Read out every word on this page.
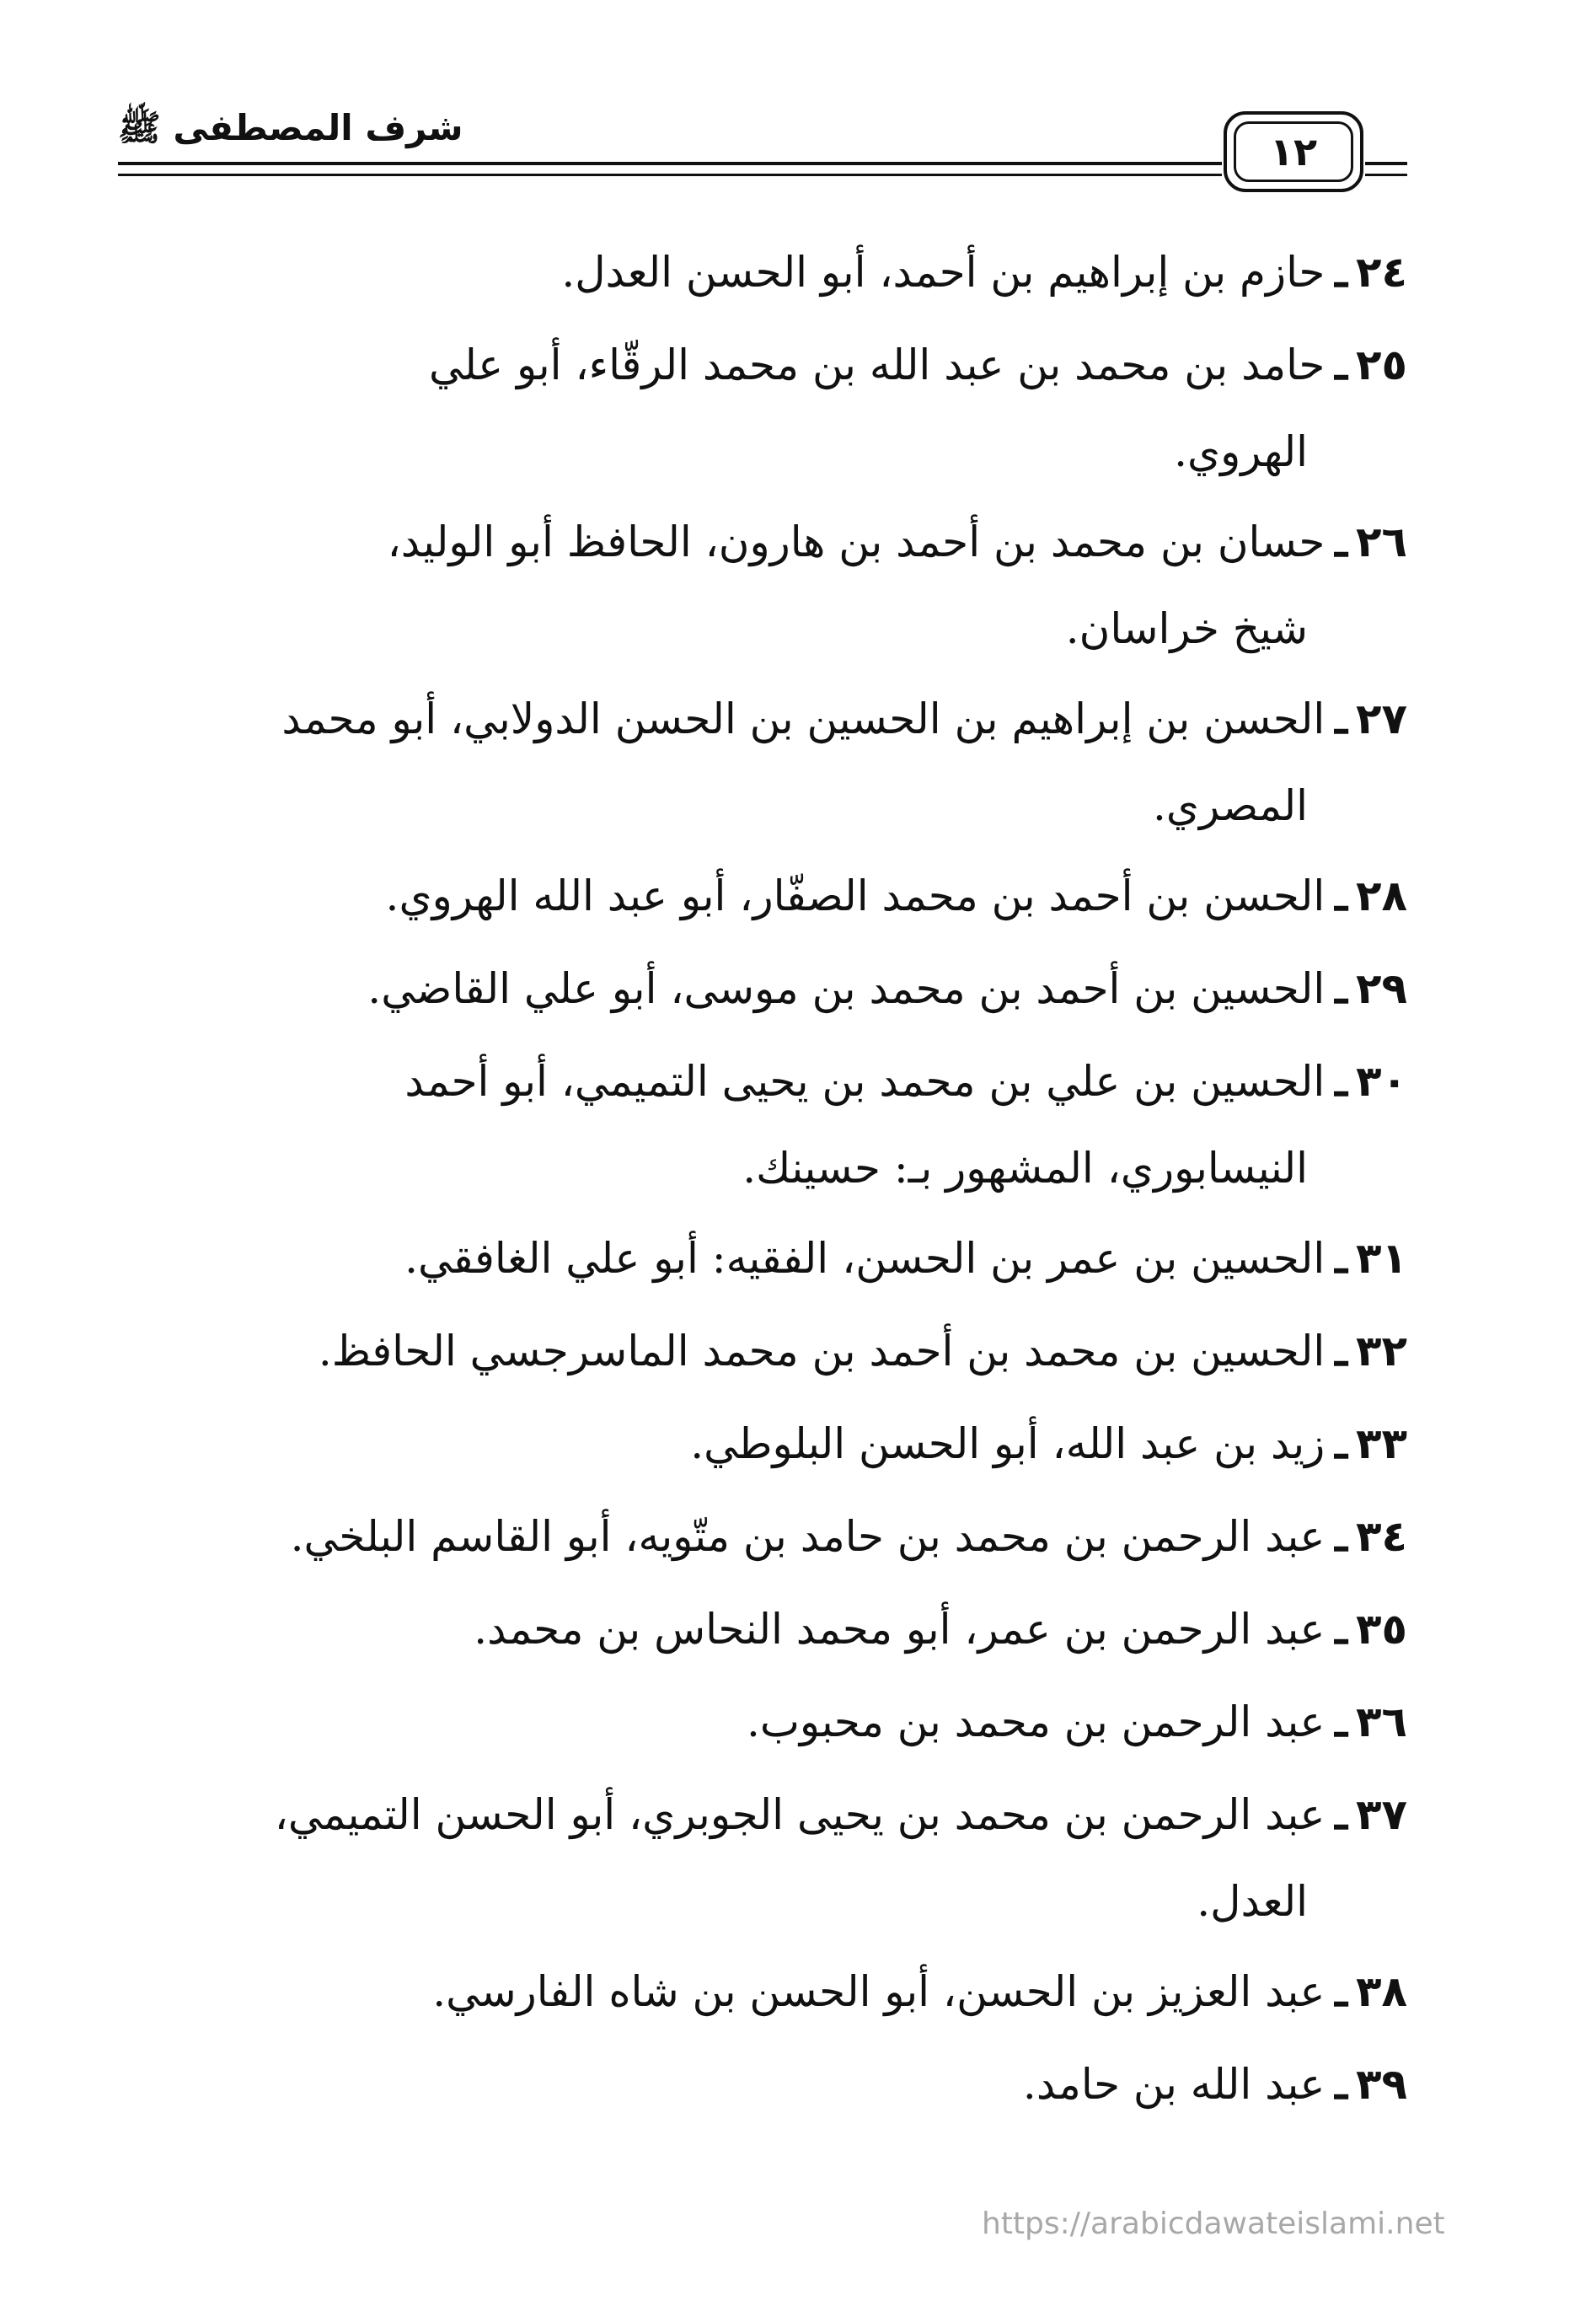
شرف المصطفى ﷺ
١٢
٢٤ـحازم بن إبراهيم بن أحمد، أبو الحسن العدل.
٢٥ـحامد بن محمد بن عبد الله بن محمد الرقّاء، أبو علي
الهروي.
٢٦ـحسان بن محمد بن أحمد بن هارون، الحافظ أبو الوليد،
شيخ خراسان.
٢٧ـالحسن بن إبراهيم بن الحسين بن الحسن الدولابي، أبو محمد
المصري.
٢٨ـالحسن بن أحمد بن محمد الصفّار، أبو عبد الله الهروي.
٢٩ـالحسين بن أحمد بن محمد بن موسى، أبو علي القاضي.
٣٠ـالحسين بن علي بن محمد بن يحيى التميمي، أبو أحمد
النيسابوري، المشهور بـ: حسينك.
٣١ـالحسين بن عمر بن الحسن، الفقيه: أبو علي الغافقي.
٣٢ـالحسين بن محمد بن أحمد بن محمد الماسرجسي الحافظ.
٣٣ـزيد بن عبد الله، أبو الحسن البلوطي.
٣٤ـعبد الرحمن بن محمد بن حامد بن متّويه، أبو القاسم البلخي.
٣٥ـعبد الرحمن بن عمر، أبو محمد النحاس بن محمد.
٣٦ـعبد الرحمن بن محمد بن محبوب.
٣٧ـعبد الرحمن بن محمد بن يحيى الجوبري، أبو الحسن التميمي،
العدل.
٣٨ـعبد العزيز بن الحسن، أبو الحسن بن شاه الفارسي.
٣٩ـعبد الله بن حامد.
https://arabicdawateislami.net
